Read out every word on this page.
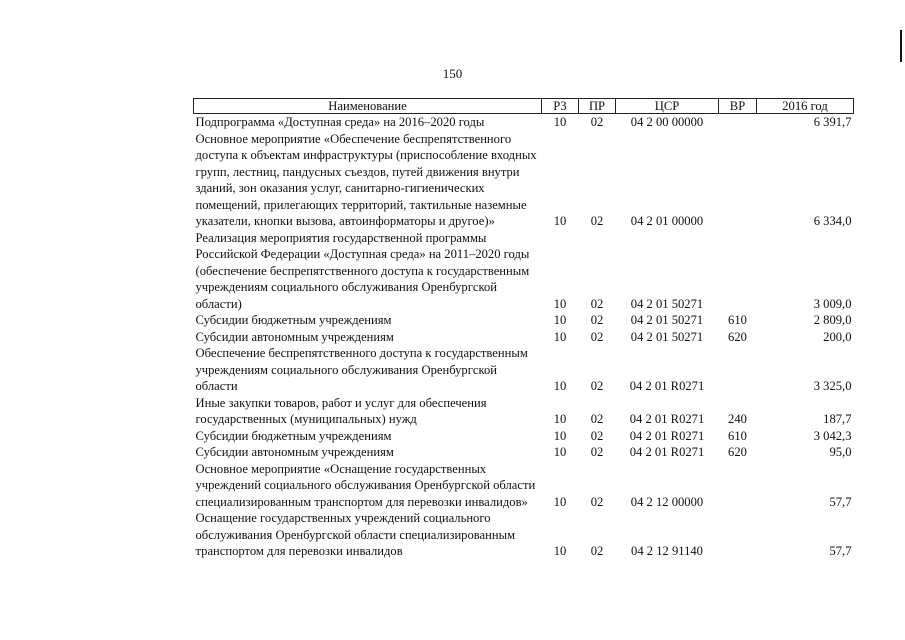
150
Наименование	РЗ	ПР	ЦСР	ВР	2016 год
Подпрограмма «Доступная среда» на 2016–2020 годы	10	02	04 2 00 00000		6 391,7
Основное мероприятие «Обеспечение беспрепятственного доступа к объектам инфраструктуры (приспособление входных групп, лестниц, пандусных съездов, путей движения внутри зданий, зон оказания услуг, санитарно-гигиенических помещений, прилегающих территорий, тактильные наземные указатели, кнопки вызова, автоинформаторы и другое)»	10	02	04 2 01 00000		6 334,0
Реализация мероприятия государственной программы Российской Федерации «Доступная среда» на 2011–2020 годы (обеспечение беспрепятственного доступа к государственным учреждениям социального обслуживания Оренбургской области)	10	02	04 2 01 50271		3 009,0
Субсидии бюджетным учреждениям	10	02	04 2 01 50271	610	2 809,0
Субсидии автономным учреждениям	10	02	04 2 01 50271	620	200,0
Обеспечение беспрепятственного доступа к государственным учреждениям социального обслуживания Оренбургской области	10	02	04 2 01 R0271		3 325,0
Иные закупки товаров, работ и услуг для обеспечения государственных (муниципальных) нужд	10	02	04 2 01 R0271	240	187,7
Субсидии бюджетным учреждениям	10	02	04 2 01 R0271	610	3 042,3
Субсидии автономным учреждениям	10	02	04 2 01 R0271	620	95,0
Основное мероприятие «Оснащение государственных учреждений социального обслуживания Оренбургской области специализированным транспортом для перевозки инвалидов»	10	02	04 2 12 00000		57,7
Оснащение государственных учреждений социального обслуживания Оренбургской области специализированным транспортом для перевозки инвалидов	10	02	04 2 12 91140		57,7
